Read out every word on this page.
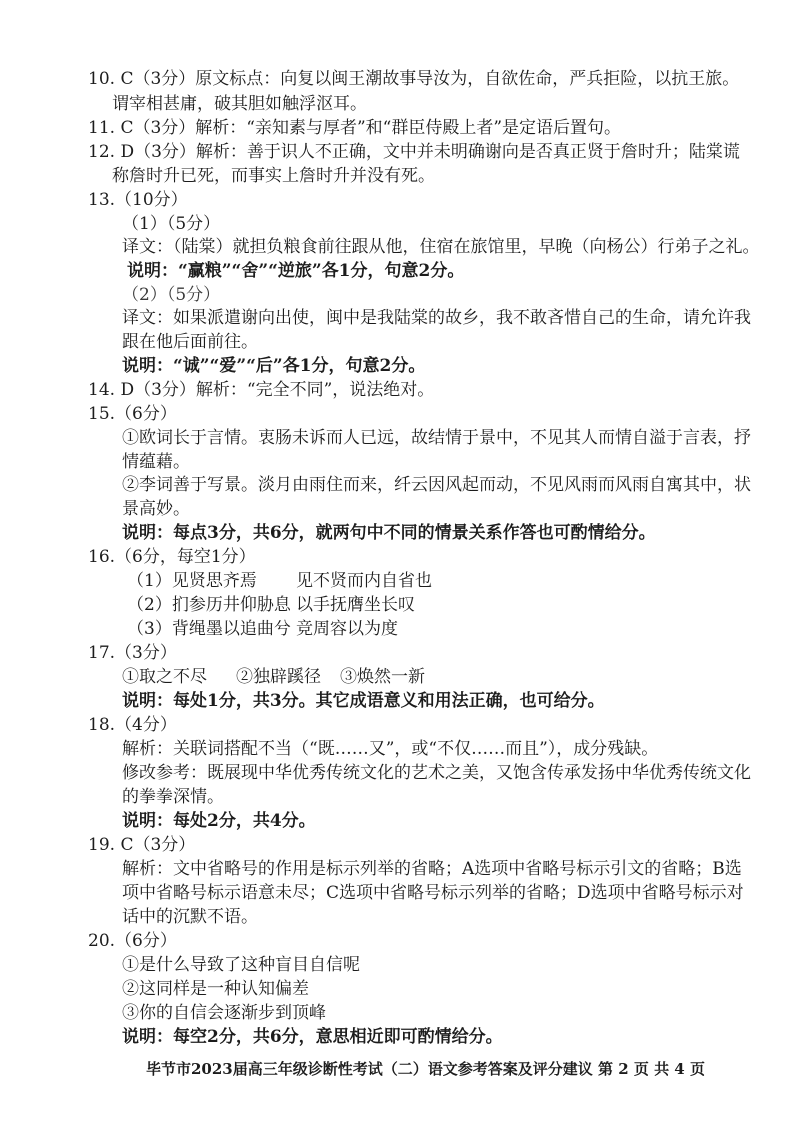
10. C（3分）原文标点：向复以闽王潮故事导汝为，自欲佐命，严兵拒险，以抗王旅。
谓宰相甚庸，破其胆如触浮沤耳。
11. C（3分）解析：“亲知素与厚者”和“群臣侍殿上者”是定语后置句。
12. D（3分）解析：善于识人不正确，文中并未明确谢向是否真正贤于詹时升；陆棠谎
称詹时升已死，而事实上詹时升并没有死。
13.（10分）
（1）（5分）
译文：（陆棠）就担负粮食前往跟从他，住宿在旅馆里，早晚（向杨公）行弟子之礼。
说明：“赢粮”“舍”“逆旅”各1分，句意2分。
（2）（5分）
译文：如果派遣谢向出使，闽中是我陆棠的故乡，我不敢吝惜自己的生命，请允许我
跟在他后面前往。
说明：“诚”“爱”“后”各1分，句意2分。
14. D（3分）解析：“完全不同”，说法绝对。
15.（6分）
①欧词长于言情。衷肠未诉而人已远，故结情于景中，不见其人而情自溢于言表，抒
情蕴藉。
②李词善于写景。淡月由雨住而来，纤云因风起而动，不见风雨而风雨自寓其中，状
景高妙。
说明：每点3分，共6分，就两句中不同的情景关系作答也可酌情给分。
16.（6分，每空1分）
（1）见贤思齐焉 见不贤而内自省也
（2）扪参历井仰胁息 以手抚膺坐长叹
（3）背绳墨以追曲兮 竞周容以为度
17.（3分）
①取之不尽 ②独辟蹊径 ③焕然一新
说明：每处1分，共3分。其它成语意义和用法正确，也可给分。
18.（4分）
解析：关联词搭配不当（“既……又”，或“不仅……而且”），成分残缺。
修改参考：既展现中华优秀传统文化的艺术之美，又饱含传承发扬中华优秀传统文化
的拳拳深情。
说明：每处2分，共4分。
19. C（3分）
解析：文中省略号的作用是标示列举的省略；A选项中省略号标示引文的省略；B选
项中省略号标示语意未尽；C选项中省略号标示列举的省略；D选项中省略号标示对
话中的沉默不语。
20.（6分）
①是什么导致了这种盲目自信呢
②这同样是一种认知偏差
③你的自信会逐渐步到顶峰
说明：每空2分，共6分，意思相近即可酌情给分。
毕节市2023届高三年级诊断性考试（二）语文参考答案及评分建议 第 2 页 共 4 页
